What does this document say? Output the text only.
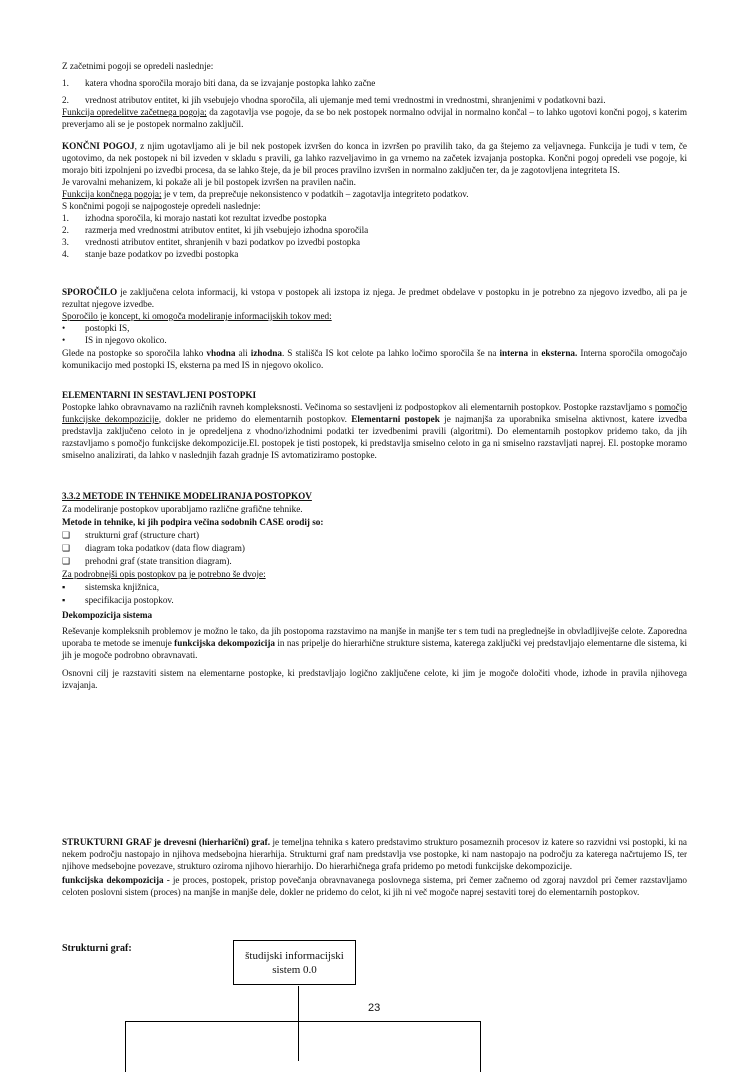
Z začetnimi pogoji se opredeli naslednje:

1.	katera vhodna sporočila morajo biti dana, da se izvajanje postopka lahko začne
2.	vrednost atributov entitet, ki jih vsebujejo vhodna sporočila, ali ujemanje med temi vrednostmi in vrednostmi, shranjenimi v podatkovni bazi.

Funkcija opredelitve začetnega pogoja; da zagotavlja vse pogoje, da se bo nek postopek normalno odvijal in normalno končal – to lahko ugotovi končni pogoj, s katerim preverjamo ali se je postopek normalno zaključil.

KONČNI POGOJ, z njim ugotavljamo ali je bil nek postopek izvršen do konca in izvršen po pravilih tako, da ga štejemo za veljavnega. Funkcija je tudi v tem, če ugotovimo, da nek postopek ni bil izveden v skladu s pravili, ga lahko razveljavimo in ga vrnemo na začetek izvajanja postopka. Končni pogoj opredeli vse pogoje, ki morajo biti izpolnjeni po izvedbi procesa, da se lahko šteje, da je bil proces pravilno izvršen in normalno zaključen ter, da je zagotovljena integriteta IS.

Je varovalni mehanizem, ki pokaže ali je bil postopek izvršen na pravilen način.

Funkcija končnega pogoja; je v tem, da preprečuje nekonsistenco v podatkih – zagotavlja integriteto podatkov.

S končnimi pogoji se najpogosteje opredeli naslednje:

1.	izhodna sporočila, ki morajo nastati kot rezultat izvedbe postopka
2.	razmerja med vrednostmi atributov entitet, ki jih vsebujejo izhodna sporočila
3.	vrednosti atributov entitet, shranjenih v bazi podatkov po izvedbi postopka
4.	stanje baze podatkov po izvedbi postopka

SPOROČILO je zaključena celota informacij, ki vstopa v postopek ali izstopa iz njega. Je predmet obdelave v postopku in je potrebno za njegovo izvedbo, ali pa je rezultat njegove izvedbe.

Sporočilo je koncept, ki omogoča modeliranje informacijskih tokov med:

•	postopki IS,
•	IS in njegovo okolico.

Glede na postopke so sporočila lahko vhodna ali izhodna. S stališča IS kot celote pa lahko ločimo sporočila še na interna in eksterna. Interna sporočila omogočajo komunikacijo med postopki IS, eksterna pa med IS in njegovo okolico.

ELEMENTARNI IN SESTAVLJENI POSTOPKI

Postopke lahko obravnavamo na različnih ravneh kompleksnosti. Večinoma so sestavljeni iz podpostopkov ali elementarnih postopkov. Postopke razstavljamo s pomočjo funkcijske dekompozicije, dokler ne pridemo do elementarnih postopkov. Elementarni postopek je najmanjša za uporabnika smiselna aktivnost, katere izvedba predstavlja zaključeno celoto in je opredeljena z vhodno/izhodnimi podatki ter izvedbenimi pravili (algoritmi). Do elementarnih postopkov pridemo tako, da jih razstavljamo s pomočjo funkcijske dekompozicije.El. postopek je tisti postopek, ki predstavlja smiselno celoto in ga ni smiselno razstavljati naprej. El. postopke moramo smiselno analizirati, da lahko v naslednjih fazah gradnje IS avtomatiziramo postopke.

3.3.2 METODE IN TEHNIKE MODELIRANJA POSTOPKOV

Za modeliranje postopkov uporabljamo različne grafične tehnike.

Metode in tehnike, ki jih podpira večina sodobnih CASE orodij so:

❑	strukturni graf (structure chart)
❑	diagram toka podatkov (data flow diagram)
❑	prehodni graf (state transition diagram).

Za podrobnejši opis postopkov pa je potrebno še dvoje:

▪	sistemska knjižnica,
▪	specifikacija postopkov.

Dekompozicija sistema

Reševanje kompleksnih problemov je možno le tako, da jih postopoma razstavimo na manjše in manjše ter s tem tudi na preglednejše in obvladljivejše celote. Zaporedna uporaba te metode se imenuje funkcijska dekompozicija in nas pripelje do hierarhične strukture sistema, katerega zaključki vej predstavljajo elementarne dle sistema, ki jih je mogoče podrobno obravnavati.

Osnovni cilj je razstaviti sistem na elementarne postopke, ki predstavljajo logično zaključene celote, ki jim je mogoče določiti vhode, izhode in pravila njihovega izvajanja.

STRUKTURNI GRAF je drevesni (hierharični) graf. je temeljna tehnika s katero predstavimo strukturo posameznih procesov iz katere so razvidni vsi postopki, ki na nekem področju nastopajo in njihova medsebojna hierarhija. Strukturni graf nam predstavlja vse postopke, ki nam nastopajo na področju za katerega načrtujemo IS, ter njihove medsebojne povezave, strukturo oziroma njihovo hierarhijo. Do hierarhičnega grafa pridemo po metodi funkcijske dekompozicije.

funkcijska dekompozicija - je proces, postopek, pristop povečanja obravnavanega poslovnega sistema, pri čemer začnemo od zgoraj navzdol pri čemer razstavljamo celoten poslovni sistem (proces) na manjše in manjše dele, dokler ne pridemo do celot, ki jih ni več mogoče naprej sestaviti torej do elementarnih postopkov.

Strukturni graf:
študijski informacijski sistem 0.0
23
